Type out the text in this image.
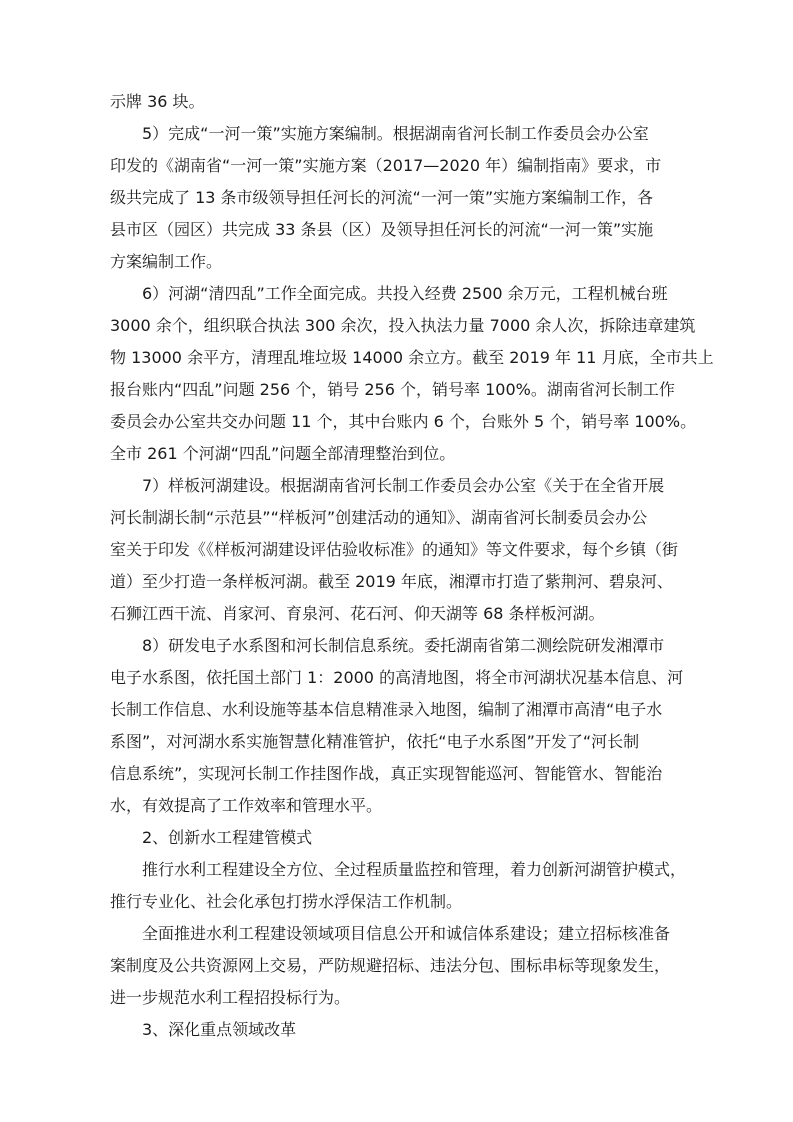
示牌 36 块。
5）完成“一河一策”实施方案编制。根据湖南省河长制工作委员会办公室
印发的《湖南省“一河一策”实施方案（2017—2020 年）编制指南》要求，市
级共完成了 13 条市级领导担任河长的河流“一河一策”实施方案编制工作，各
县市区（园区）共完成 33 条县（区）及领导担任河长的河流“一河一策”实施
方案编制工作。
6）河湖“清四乱”工作全面完成。共投入经费 2500 余万元，工程机械台班
3000 余个，组织联合执法 300 余次，投入执法力量 7000 余人次，拆除违章建筑
物 13000 余平方，清理乱堆垃圾 14000 余立方。截至 2019 年 11 月底，全市共上
报台账内“四乱”问题 256 个，销号 256 个，销号率 100%。湖南省河长制工作
委员会办公室共交办问题 11 个，其中台账内 6 个，台账外 5 个，销号率 100%。
全市 261 个河湖“四乱”问题全部清理整治到位。
7）样板河湖建设。根据湖南省河长制工作委员会办公室《关于在全省开展
河长制湖长制“示范县”“样板河”创建活动的通知》、湖南省河长制委员会办公
室关于印发《《样板河湖建设评估验收标准》的通知》等文件要求，每个乡镇（街
道）至少打造一条样板河湖。截至 2019 年底，湘潭市打造了紫荆河、碧泉河、
石狮江西干流、肖家河、育泉河、花石河、仰天湖等 68 条样板河湖。
8）研发电子水系图和河长制信息系统。委托湖南省第二测绘院研发湘潭市
电子水系图，依托国土部门 1：2000 的高清地图，将全市河湖状况基本信息、河
长制工作信息、水利设施等基本信息精准录入地图，编制了湘潭市高清“电子水
系图”，对河湖水系实施智慧化精准管护，依托“电子水系图”开发了“河长制
信息系统”，实现河长制工作挂图作战，真正实现智能巡河、智能管水、智能治
水，有效提高了工作效率和管理水平。
2、创新水工程建管模式
推行水利工程建设全方位、全过程质量监控和管理，着力创新河湖管护模式，
推行专业化、社会化承包打捞水浮保洁工作机制。
全面推进水利工程建设领域项目信息公开和诚信体系建设；建立招标核准备
案制度及公共资源网上交易，严防规避招标、违法分包、围标串标等现象发生，
进一步规范水利工程招投标行为。
3、深化重点领域改革
